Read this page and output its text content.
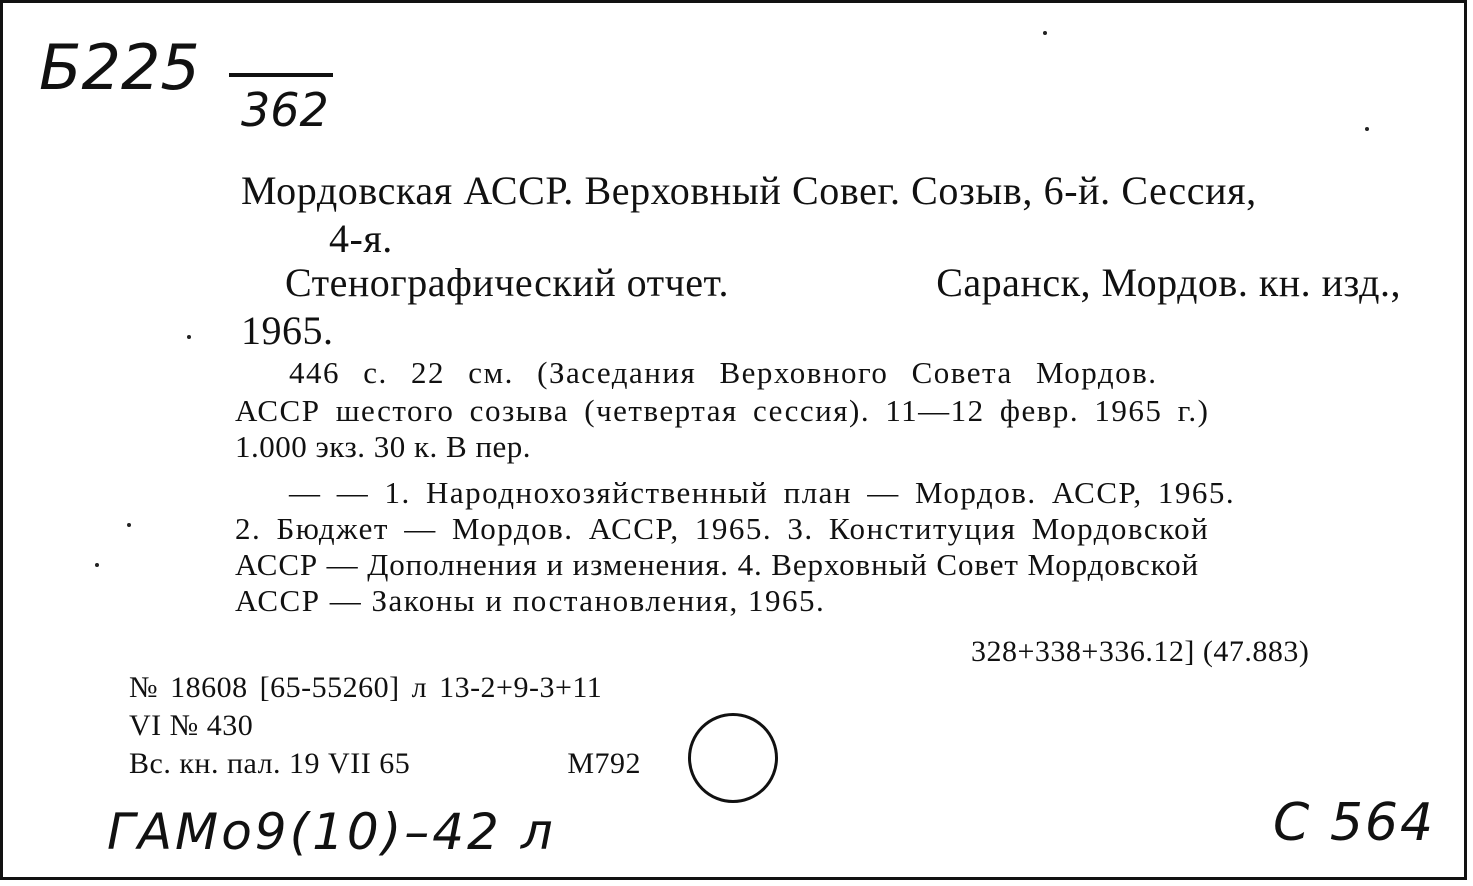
Б225
362
Мордовская АССР. Верховный Совег. Созыв, 6-й. Сессия,
4-я.
Стенографический отчет.	Саранск, Мордов. кн. изд.,
1965.
446 с. 22 см. (Заседания Верховного Совета Мордов.
АССР шестого созыва (четвертая сессия). 11—12 февр. 1965 г.)
1.000 экз. 30 к. В пер.
— — 1. Народнохозяйственный план — Мордов. АССР, 1965.
2. Бюджет — Мордов. АССР, 1965. 3. Конституция Мордовской
АССР — Дополнения и изменения. 4. Верховный Совет Мордовской
АССР — Законы и постановления, 1965.
328+338+336.12] (47.883)
№ 18608 [65-55260] л 13-2+9-3+11
VI № 430
Вс. кн. пал. 19 VII 65	М792
ГАМо9(10)–42 л	С 564
